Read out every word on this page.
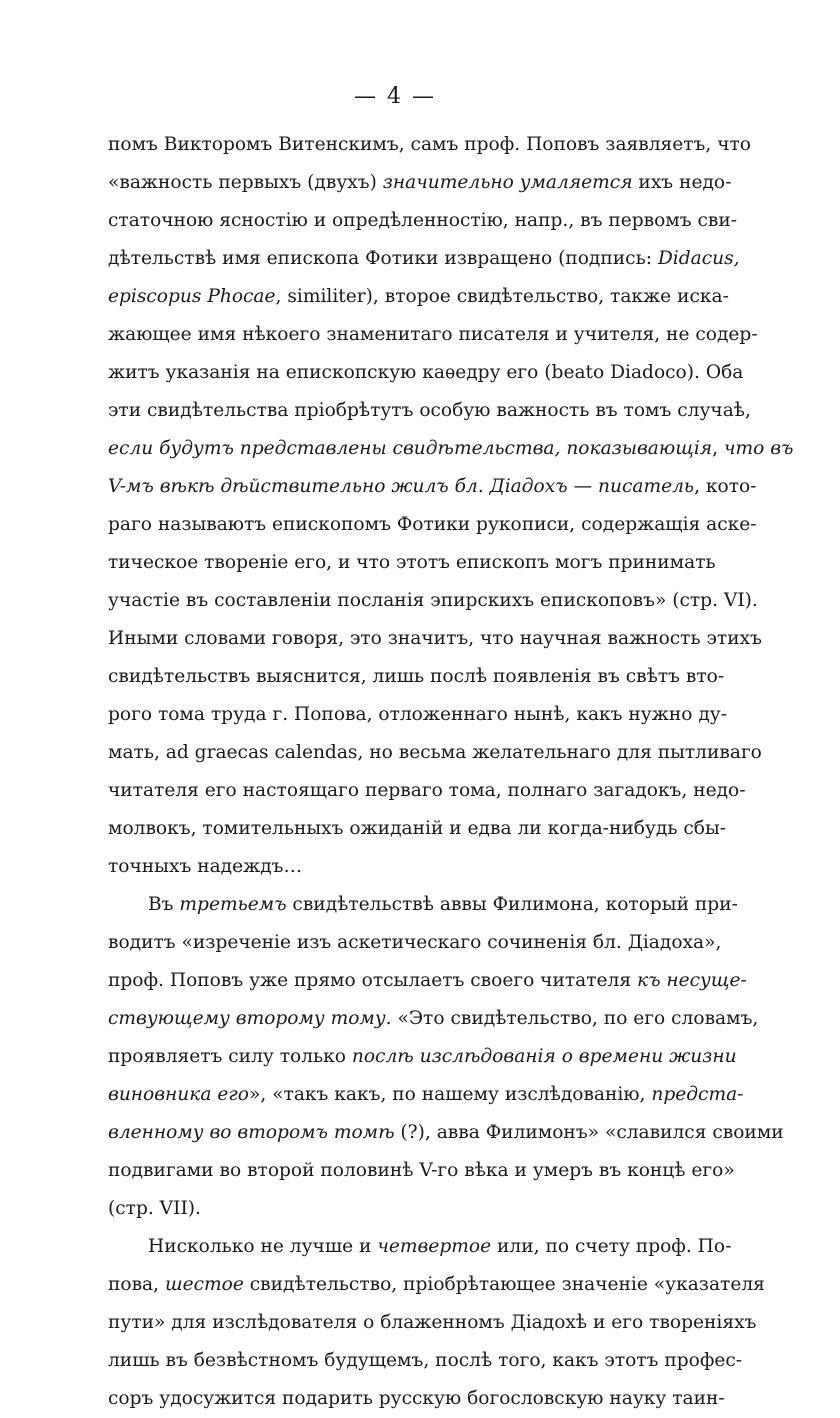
— 4 —
помъ Викторомъ Витенскимъ, самъ проф. Поповъ заявляетъ, что
«важность первыхъ (двухъ) значительно умаляется ихъ недо-
статочною ясностію и опредѣленностію, напр., въ первомъ сви-
дѣтельствѣ имя епископа Фотики извращено (подпись: Didacus,
episcopus Phocae, similiter), второе свидѣтельство, также иска-
жающее имя нѣкоего знаменитаго писателя и учителя, не содер-
житъ указанія на епископскую каѳедру его (beato Diadoco). Оба
эти свидѣтельства пріобрѣтутъ особую важность въ томъ случаѣ,
если будутъ представлены свидѣтельства, показывающія, что въ
V-мъ вѣкѣ дѣйствительно жилъ бл. Діадохъ — писатель, кото-
раго называютъ епископомъ Фотики рукописи, содержащія аске-
тическое твореніе его, и что этотъ епископъ могъ принимать
участіе въ составленіи посланія эпирскихъ епископовъ» (стр. VI).
Иными словами говоря, это значитъ, что научная важность этихъ
свидѣтельствъ выяснится, лишь послѣ появленія въ свѣтъ вто-
рого тома труда г. Попова, отложеннаго нынѣ, какъ нужно ду-
мать, ad graecas calendas, но весьма желательнаго для пытливаго
читателя его настоящаго перваго тома, полнаго загадокъ, недо-
молвокъ, томительныхъ ожиданій и едва ли когда-нибудь сбы-
точныхъ надеждъ…
Въ третьемъ свидѣтельствѣ аввы Филимона, который при-
водитъ «изреченіе изъ аскетическаго сочиненія бл. Діадоха»,
проф. Поповъ уже прямо отсылаетъ своего читателя къ несуще-
ствующему второму тому. «Это свидѣтельство, по его словамъ,
проявляетъ силу только послѣ изслѣдованія о времени жизни
виновника его», «такъ какъ, по нашему изслѣдованію, предста-
вленному во второмъ томѣ (?), авва Филимонъ» «славился своими
подвигами во второй половинѣ V-го вѣка и умеръ въ концѣ его»
(стр. VII).
Нисколько не лучше и четвертое или, по счету проф. По-
пова, шестое свидѣтельство, пріобрѣтающее значеніе «указателя
пути» для изслѣдователя о блаженномъ Діадохѣ и его твореніяхъ
лишь въ безвѣстномъ будущемъ, послѣ того, какъ этотъ профес-
соръ удосужится подарить русскую богословскую науку таин-
